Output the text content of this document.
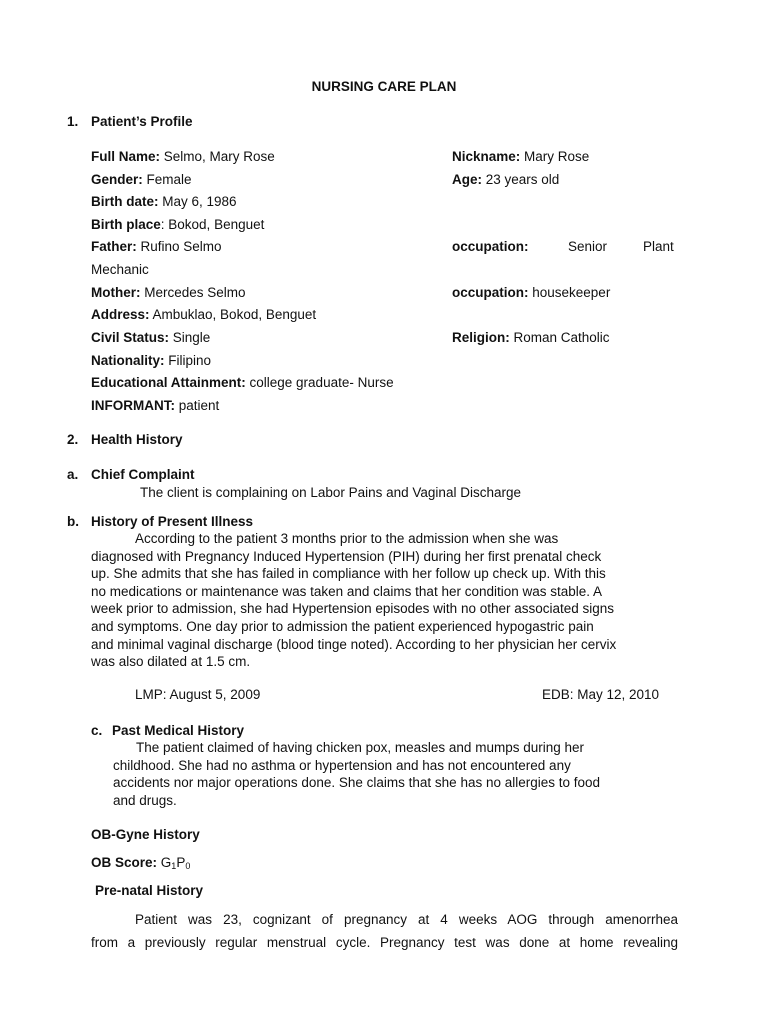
NURSING CARE PLAN
1. Patient’s Profile
Full Name: Selmo, Mary Rose	Nickname: Mary Rose
Gender: Female	Age: 23 years old
Birth date: May 6, 1986
Birth place: Bokod, Benguet
Father: Rufino Selmo	occupation:	Senior	Plant
Mechanic
Mother: Mercedes Selmo	occupation: housekeeper
Address: Ambuklao, Bokod, Benguet
Civil Status: Single	Religion: Roman Catholic
Nationality: Filipino
Educational Attainment: college graduate- Nurse
INFORMANT: patient
2. Health History
a. Chief Complaint
The client is complaining on Labor Pains and Vaginal Discharge
b. History of Present Illness
According to the patient 3 months prior to the admission when she was
diagnosed with Pregnancy Induced Hypertension (PIH) during her first prenatal check
up. She admits that she has failed in compliance with her follow up check up. With this
no medications or maintenance was taken and claims that her condition was stable. A
week prior to admission, she had Hypertension episodes with no other associated signs
and symptoms. One day prior to admission the patient experienced hypogastric pain
and minimal vaginal discharge (blood tinge noted). According to her physician her cervix
was also dilated at 1.5 cm.
LMP: August 5, 2009	EDB: May 12, 2010
c. Past Medical History
The patient claimed of having chicken pox, measles and mumps during her
childhood. She had no asthma or hypertension and has not encountered any
accidents nor major operations done. She claims that she has no allergies to food
and drugs.
OB-Gyne History
OB Score: $G_1P_0$
Pre-natal History
Patient was 23, cognizant of pregnancy at 4 weeks AOG through amenorrhea
from a previously regular menstrual cycle. Pregnancy test was done at home revealing
